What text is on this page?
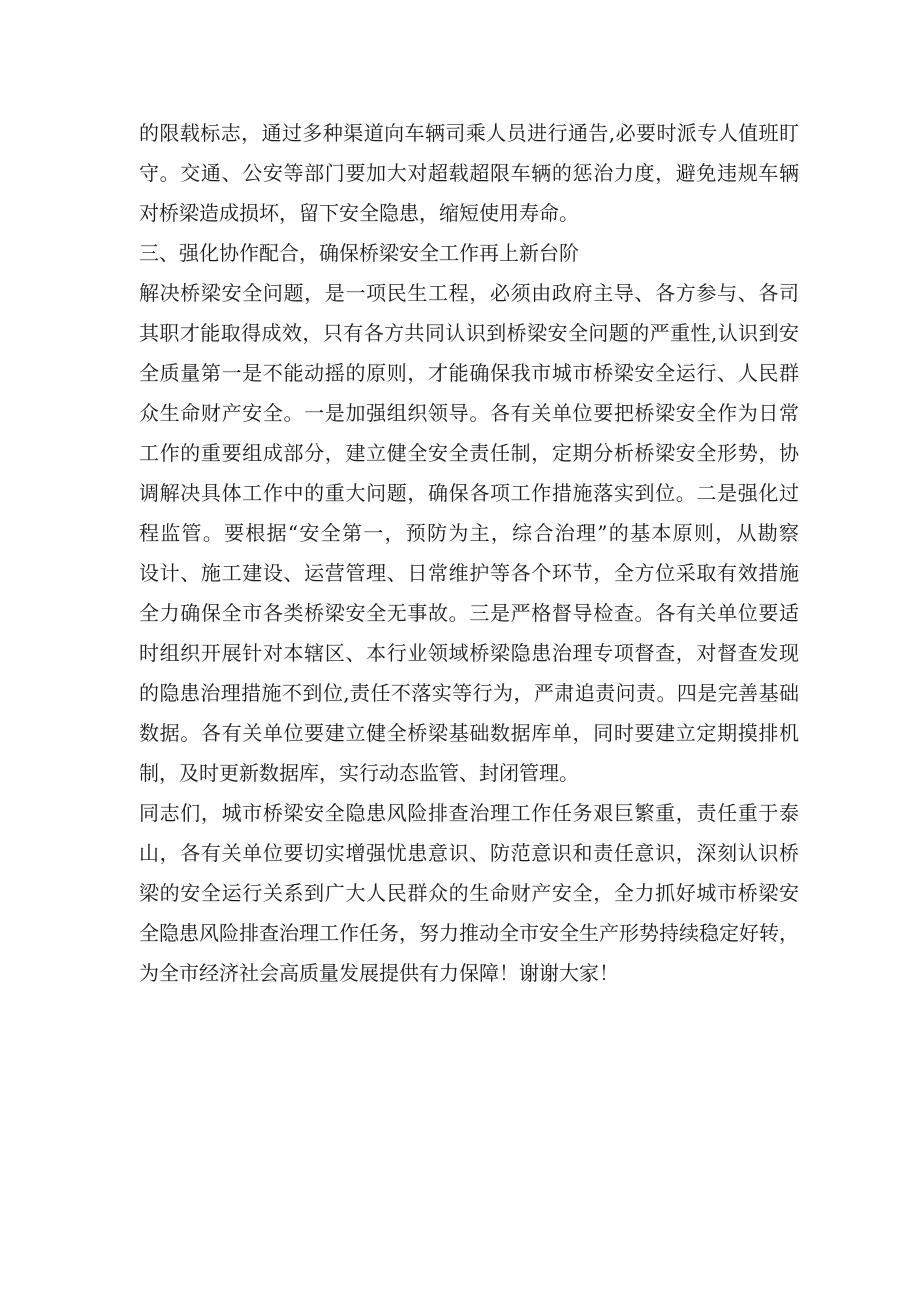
的限载标志，通过多种渠道向车辆司乘人员进行通告,必要时派专人值班盯
守。交通、公安等部门要加大对超载超限车辆的惩治力度，避免违规车辆
对桥梁造成损坏，留下安全隐患，缩短使用寿命。
三、强化协作配合，确保桥梁安全工作再上新台阶
解决桥梁安全问题，是一项民生工程，必须由政府主导、各方参与、各司
其职才能取得成效，只有各方共同认识到桥梁安全问题的严重性,认识到安
全质量第一是不能动摇的原则，才能确保我市城市桥梁安全运行、人民群
众生命财产安全。一是加强组织领导。各有关单位要把桥梁安全作为日常
工作的重要组成部分，建立健全安全责任制，定期分析桥梁安全形势，协
调解决具体工作中的重大问题，确保各项工作措施落实到位。二是强化过
程监管。要根据“安全第一，预防为主，综合治理”的基本原则，从勘察
设计、施工建设、运营管理、日常维护等各个环节，全方位采取有效措施
全力确保全市各类桥梁安全无事故。三是严格督导检查。各有关单位要适
时组织开展针对本辖区、本行业领域桥梁隐患治理专项督查，对督查发现
的隐患治理措施不到位,责任不落实等行为，严肃追责问责。四是完善基础
数据。各有关单位要建立健全桥梁基础数据库单，同时要建立定期摸排机
制，及时更新数据库，实行动态监管、封闭管理。
同志们，城市桥梁安全隐患风险排查治理工作任务艰巨繁重，责任重于泰
山，各有关单位要切实增强忧患意识、防范意识和责任意识，深刻认识桥
梁的安全运行关系到广大人民群众的生命财产安全，全力抓好城市桥梁安
全隐患风险排查治理工作任务，努力推动全市安全生产形势持续稳定好转，
为全市经济社会高质量发展提供有力保障！谢谢大家！
